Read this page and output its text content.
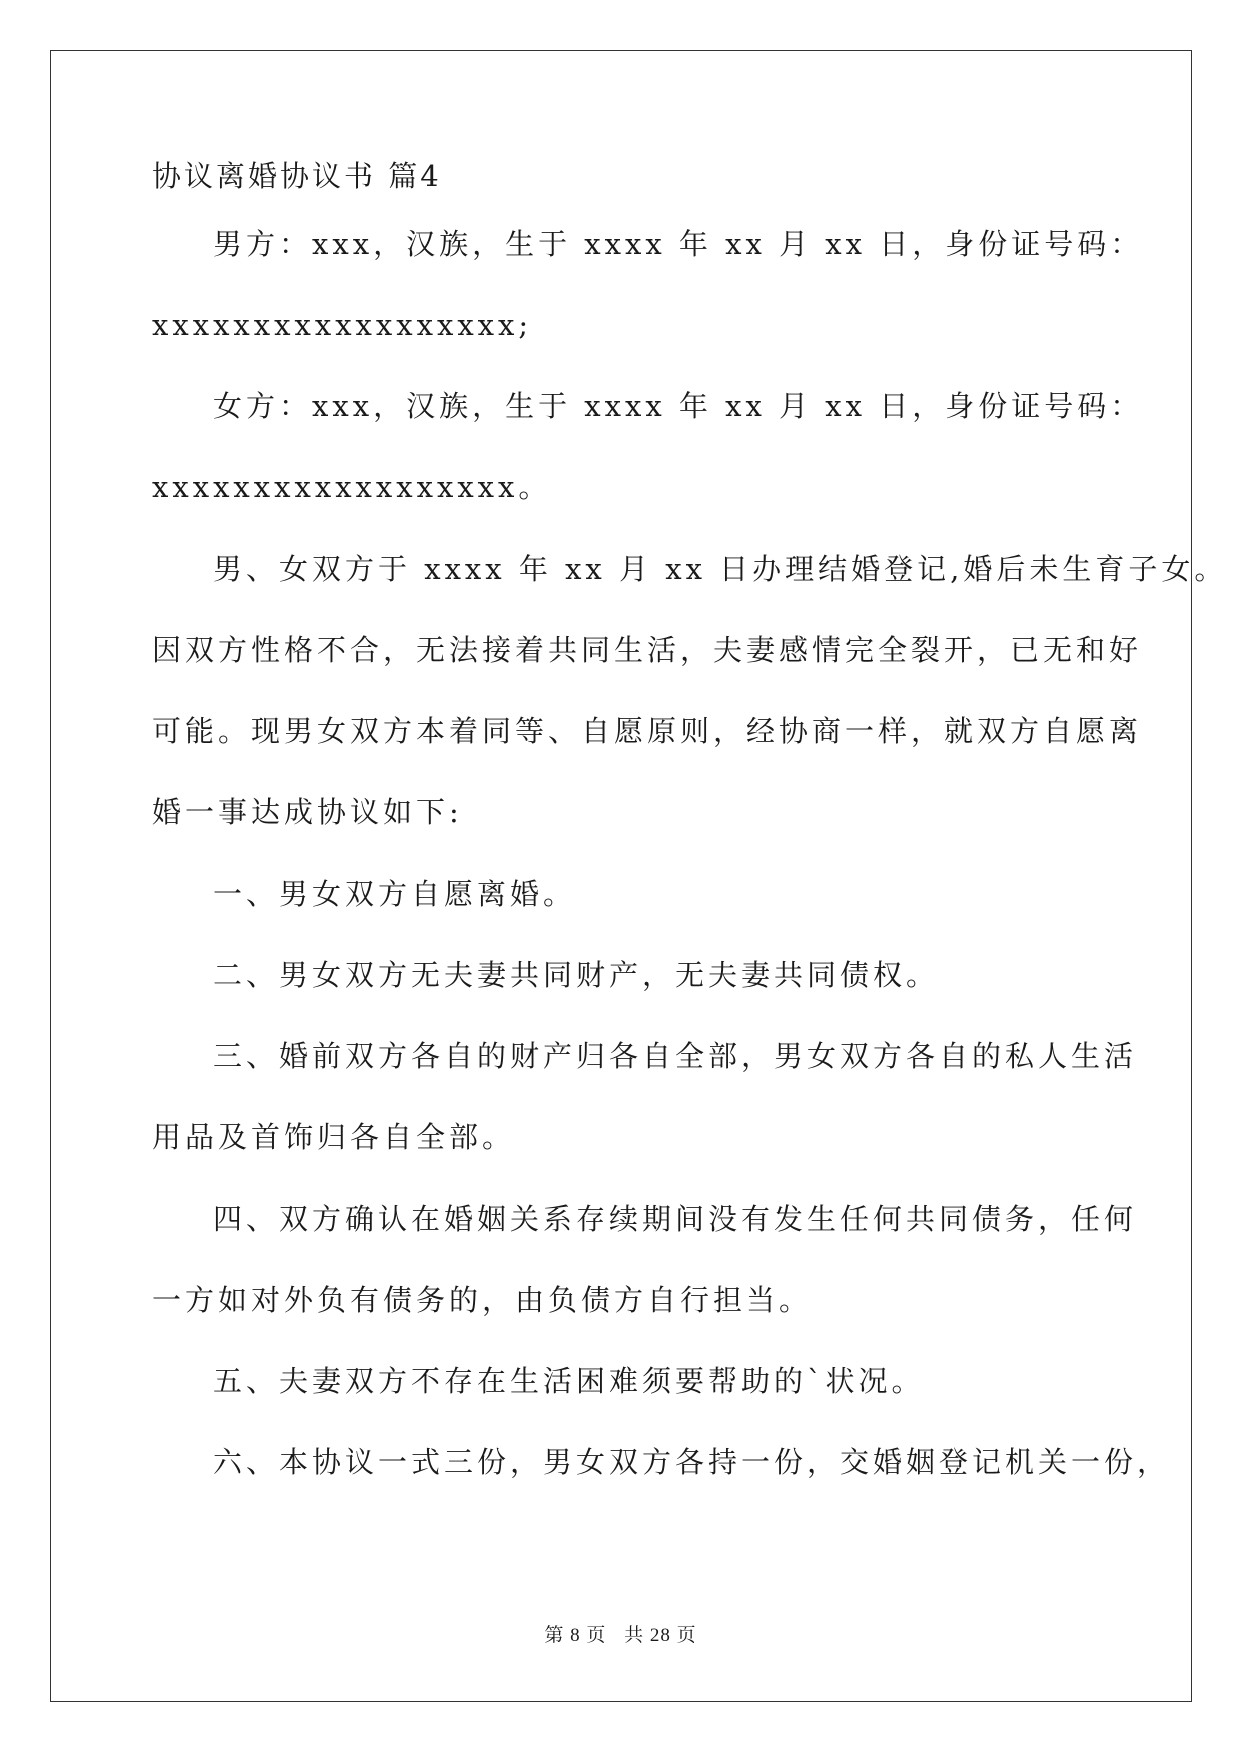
协议离婚协议书 篇4
男方：xxx，汉族，生于 xxxx 年 xx 月 xx 日，身份证号码：
xxxxxxxxxxxxxxxxxx;
女方：xxx，汉族，生于 xxxx 年 xx 月 xx 日，身份证号码：
xxxxxxxxxxxxxxxxxx。
男、女双方于 xxxx 年 xx 月 xx 日办理结婚登记,婚后未生育子女。
因双方性格不合，无法接着共同生活，夫妻感情完全裂开，已无和好
可能。现男女双方本着同等、自愿原则，经协商一样，就双方自愿离
婚一事达成协议如下:
一、男女双方自愿离婚。
二、男女双方无夫妻共同财产，无夫妻共同债权。
三、婚前双方各自的财产归各自全部，男女双方各自的私人生活
用品及首饰归各自全部。
四、双方确认在婚姻关系存续期间没有发生任何共同债务，任何
一方如对外负有债务的，由负债方自行担当。
五、夫妻双方不存在生活困难须要帮助的`状况。
六、本协议一式三份，男女双方各持一份，交婚姻登记机关一份，
第 8 页 共 28 页
